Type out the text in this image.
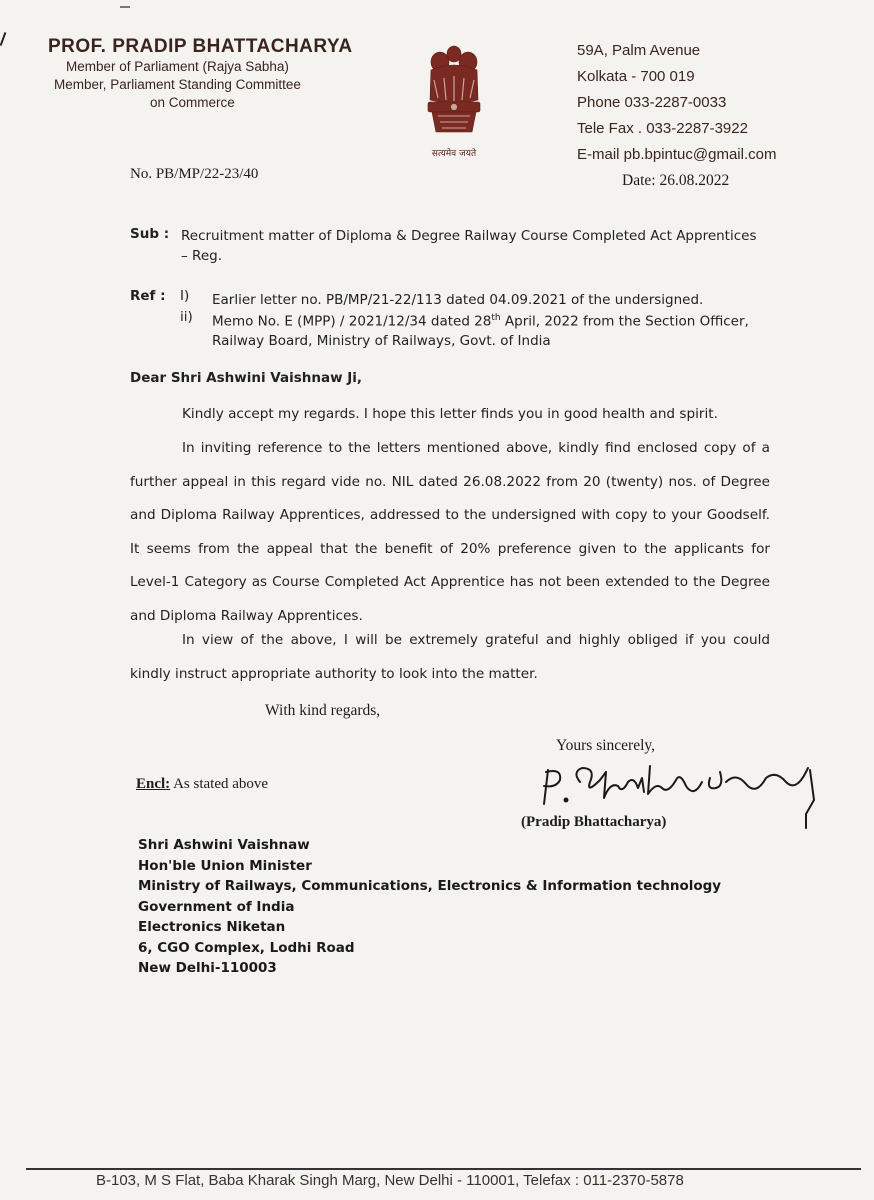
PROF. PRADIP BHATTACHARYA
Member of Parliament (Rajya Sabha)
Member, Parliament Standing Committee
on Commerce
सत्यमेव जयते
59A, Palm Avenue
Kolkata - 700 019
Phone 033-2287-0033
Tele Fax . 033-2287-3922
E-mail pb.bpintuc@gmail.com
No. PB/MP/22-23/40	Date: 26.08.2022
Sub : Recruitment matter of Diploma & Degree Railway Course Completed Act Apprentices
– Reg.
Ref : I) Earlier letter no. PB/MP/21-22/113 dated 04.09.2021 of the undersigned.
ii) Memo No. E (MPP) / 2021/12/34 dated 28th April, 2022 from the Section Officer,
Railway Board, Ministry of Railways, Govt. of India
Dear Shri Ashwini Vaishnaw Ji,
Kindly accept my regards. I hope this letter finds you in good health and spirit.
In inviting reference to the letters mentioned above, kindly find enclosed copy of a further appeal in this regard vide no. NIL dated 26.08.2022 from 20 (twenty) nos. of Degree and Diploma Railway Apprentices, addressed to the undersigned with copy to your Goodself. It seems from the appeal that the benefit of 20% preference given to the applicants for Level-1 Category as Course Completed Act Apprentice has not been extended to the Degree and Diploma Railway Apprentices.
In view of the above, I will be extremely grateful and highly obliged if you could kindly instruct appropriate authority to look into the matter.
With kind regards,
Yours sincerely,
Encl: As stated above
(Pradip Bhattacharya)
Shri Ashwini Vaishnaw
Hon'ble Union Minister
Ministry of Railways, Communications, Electronics & Information technology
Government of India
Electronics Niketan
6, CGO Complex, Lodhi Road
New Delhi-110003
B-103, M S Flat, Baba Kharak Singh Marg, New Delhi - 110001, Telefax : 011-2370-5878
